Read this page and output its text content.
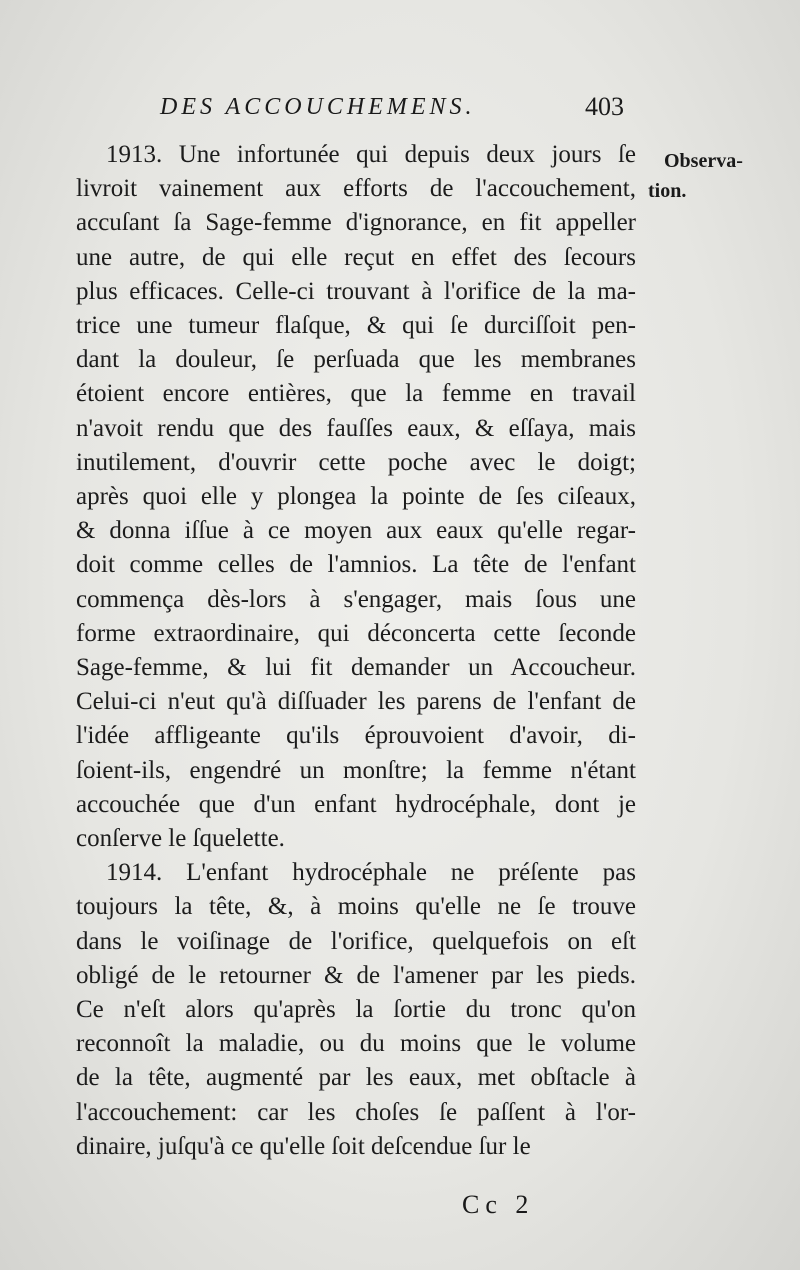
DES ACCOUCHEMENS.	403
Observa-
tion.
1913. Une infortunée qui depuis deux jours ſe
livroit vainement aux efforts de l'accouchement,
accuſant ſa Sage-femme d'ignorance, en fit appeller
une autre, de qui elle reçut en effet des ſecours
plus efficaces. Celle-ci trouvant à l'orifice de la ma-
trice une tumeur flaſque, & qui ſe durciſſoit pen-
dant la douleur, ſe perſuada que les membranes
étoient encore entières, que la femme en travail
n'avoit rendu que des fauſſes eaux, & eſſaya, mais
inutilement, d'ouvrir cette poche avec le doigt;
après quoi elle y plongea la pointe de ſes ciſeaux,
& donna iſſue à ce moyen aux eaux qu'elle regar-
doit comme celles de l'amnios. La tête de l'enfant
commença dès-lors à s'engager, mais ſous une
forme extraordinaire, qui déconcerta cette ſeconde
Sage-femme, & lui fit demander un Accoucheur.
Celui-ci n'eut qu'à diſſuader les parens de l'enfant de
l'idée affligeante qu'ils éprouvoient d'avoir, di-
ſoient-ils, engendré un monſtre; la femme n'étant
accouchée que d'un enfant hydrocéphale, dont je
conſerve le ſquelette.
1914. L'enfant hydrocéphale ne préſente pas
toujours la tête, &, à moins qu'elle ne ſe trouve
dans le voiſinage de l'orifice, quelquefois on eſt
obligé de le retourner & de l'amener par les pieds.
Ce n'eſt alors qu'après la ſortie du tronc qu'on
reconnoît la maladie, ou du moins que le volume
de la tête, augmenté par les eaux, met obſtacle à
l'accouchement: car les choſes ſe paſſent à l'or-
dinaire, juſqu'à ce qu'elle ſoit deſcendue ſur le
Cc 2
